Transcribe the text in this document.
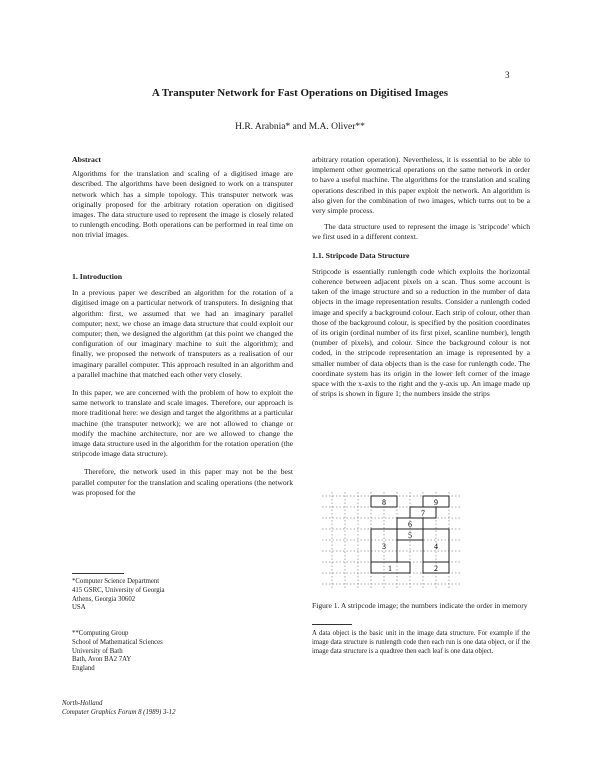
3
A Transputer Network for Fast Operations on Digitised Images
H.R. Arabnia* and M.A. Oliver**

Abstract

Algorithms for the translation and scaling of a digitised image are described. The algorithms have been designed to work on a transputer network which has a simple topology. This transputer network was originally proposed for the arbitrary rotation operation on digitised images. The data structure used to represent the image is closely related to runlength encoding. Both operations can be performed in real time on non trivial images.

1. Introduction

In a previous paper we described an algorithm for the rotation of a digitised image on a particular network of transputers. In designing that algorithm: first, we assumed that we had an imaginary parallel computer; next, we chose an image data structure that could exploit our computer; then, we designed the algorithm (at this point we changed the configuration of our imaginary machine to suit the algorithm); and finally, we proposed the network of transputers as a realisation of our imaginary parallel computer. This approach resulted in an algorithm and a parallel machine that matched each other very closely.

In this paper, we are concerned with the problem of how to exploit the same network to translate and scale images. Therefore, our approach is more traditional here: we design and target the algorithms at a particular machine (the transputer network); we are not allowed to change or modify the machine architecture, nor are we allowed to change the image data structure used in the algorithm for the rotation operation (the stripcode image data structure).

Therefore, the network used in this paper may not be the best parallel computer for the translation and scaling operations (the network was proposed for the

*Computer Science Department
415 GSRC, University of Georgia
Athens, Georgia 30602
USA
**Computing Group
School of Mathematical Sciences
University of Bath
Bath, Avon BA2 7AY
England
North-Holland
Computer Graphics Forum 8 (1989) 3-12

arbitrary rotation operation). Nevertheless, it is essential to be able to implement other geometrical operations on the same network in order to have a useful machine. The algorithms for the translation and scaling operations described in this paper exploit the network. An algorithm is also given for the combination of two images, which turns out to be a very simple process.

The data structure used to represent the image is 'stripcode' which we first used in a different context.

1.1. Stripcode Data Structure

Stripcode is essentially runlength code which exploits the horizontal coherence between adjacent pixels on a scan. Thus some account is taken of the image structure and so a reduction in the number of data objects in the image representation results. Consider a runlength coded image and specify a background colour. Each strip of colour, other than those of the background colour, is specified by the position coordinates of its origin (ordinal number of its first pixel, scanline number), length (number of pixels), and colour. Since the background colour is not coded, in the stripcode representation an image is represented by a smaller number of data objects than is the case for runlength code. The coordinate system has its origin in the lower left corner of the image space with the x-axis to the right and the y-axis up. An image made up of strips is shown in figure 1; the numbers inside the strips

8	9
7
6
3
5
4
1	2
Figure 1. A stripcode image; the numbers indicate the order in memory
A data object is the basic unit in the image data structure. For example if the image data structure is runlength code then each run is one data object, or if the image data structure is a quadtree then each leaf is one data object.
